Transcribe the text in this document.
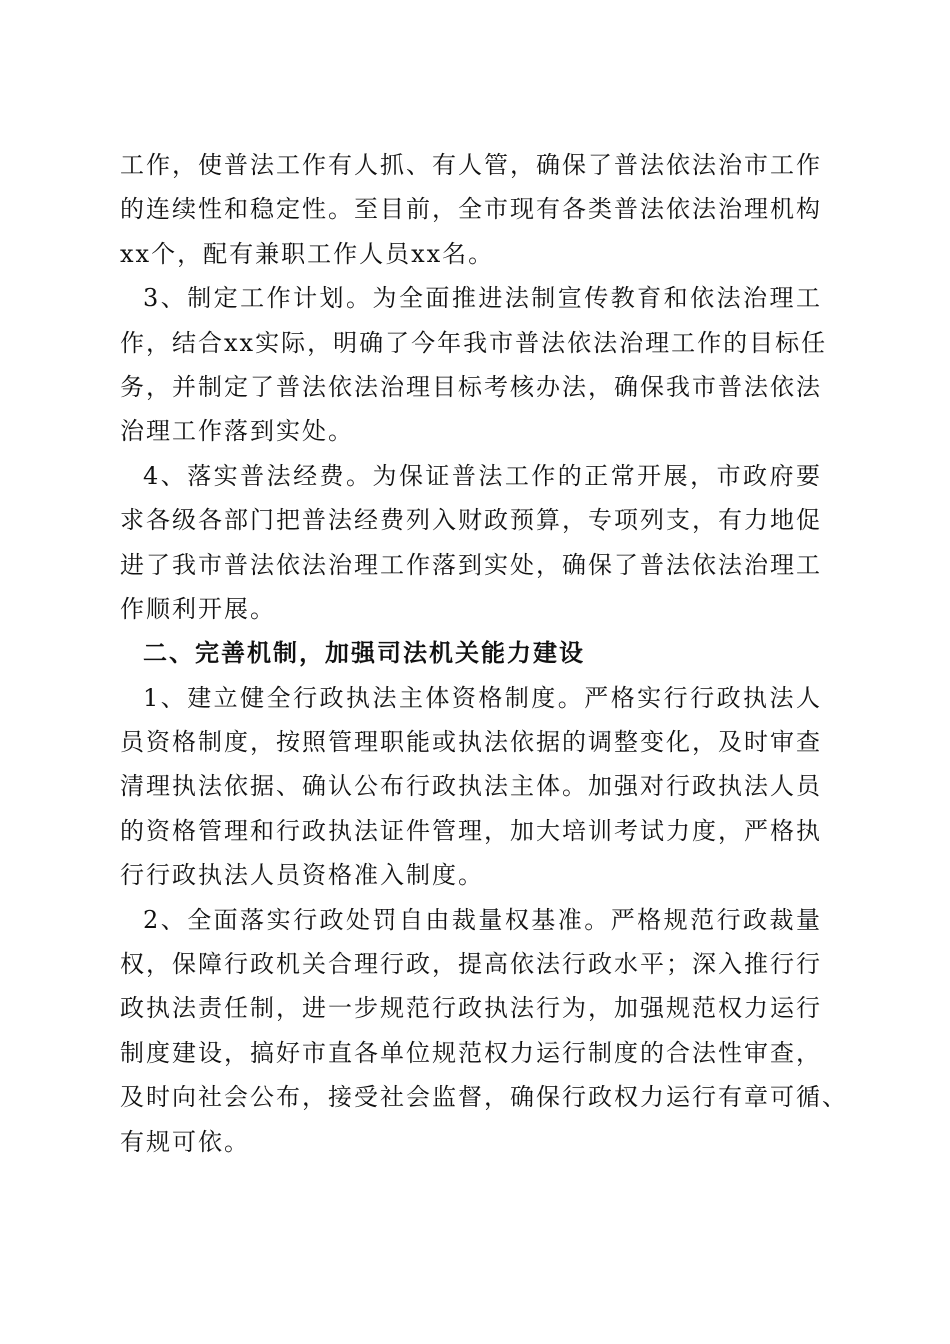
工作，使普法工作有人抓、有人管，确保了普法依法治市工作
的连续性和稳定性。至目前，全市现有各类普法依法治理机构
xx个，配有兼职工作人员xx名。
3、制定工作计划。为全面推进法制宣传教育和依法治理工
作，结合xx实际，明确了今年我市普法依法治理工作的目标任
务，并制定了普法依法治理目标考核办法，确保我市普法依法
治理工作落到实处。
4、落实普法经费。为保证普法工作的正常开展，市政府要
求各级各部门把普法经费列入财政预算，专项列支，有力地促
进了我市普法依法治理工作落到实处，确保了普法依法治理工
作顺利开展。
二、完善机制，加强司法机关能力建设
1、建立健全行政执法主体资格制度。严格实行行政执法人
员资格制度，按照管理职能或执法依据的调整变化，及时审查
清理执法依据、确认公布行政执法主体。加强对行政执法人员
的资格管理和行政执法证件管理，加大培训考试力度，严格执
行行政执法人员资格准入制度。
2、全面落实行政处罚自由裁量权基准。严格规范行政裁量
权，保障行政机关合理行政，提高依法行政水平；深入推行行
政执法责任制，进一步规范行政执法行为，加强规范权力运行
制度建设，搞好市直各单位规范权力运行制度的合法性审查，
及时向社会公布，接受社会监督，确保行政权力运行有章可循、
有规可依。
